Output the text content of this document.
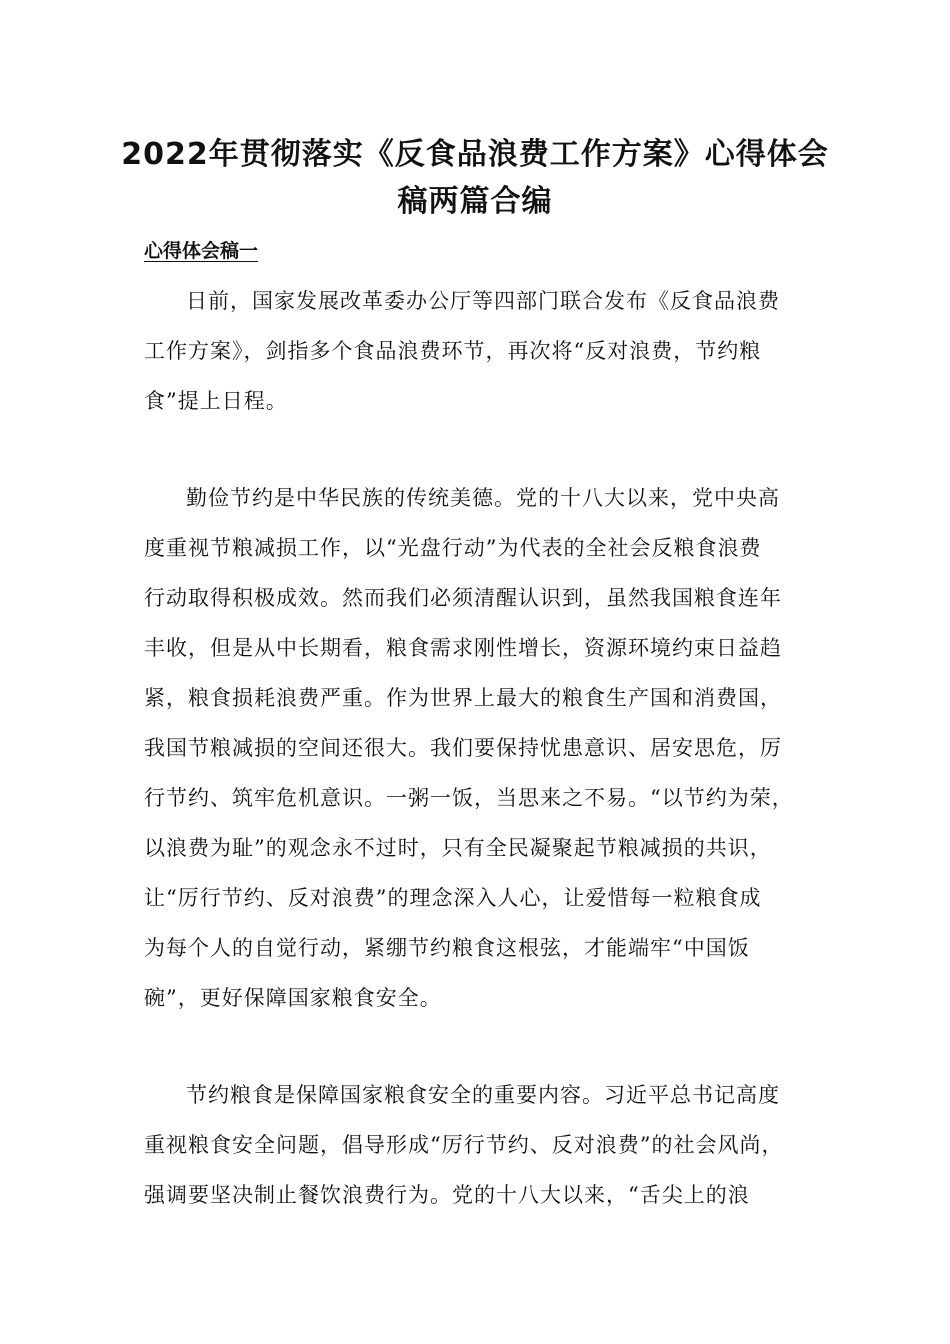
2022年贯彻落实《反食品浪费工作方案》心得体会
稿两篇合编
心得体会稿一
日前，国家发展改革委办公厅等四部门联合发布《反食品浪费
工作方案》，剑指多个食品浪费环节，再次将“反对浪费，节约粮
食”提上日程。
勤俭节约是中华民族的传统美德。党的十八大以来，党中央高
度重视节粮减损工作，以“光盘行动”为代表的全社会反粮食浪费
行动取得积极成效。然而我们必须清醒认识到，虽然我国粮食连年
丰收，但是从中长期看，粮食需求刚性增长，资源环境约束日益趋
紧，粮食损耗浪费严重。作为世界上最大的粮食生产国和消费国，
我国节粮减损的空间还很大。我们要保持忧患意识、居安思危，厉
行节约、筑牢危机意识。一粥一饭，当思来之不易。“以节约为荣，
以浪费为耻”的观念永不过时，只有全民凝聚起节粮减损的共识，
让“厉行节约、反对浪费”的理念深入人心，让爱惜每一粒粮食成
为每个人的自觉行动，紧绷节约粮食这根弦，才能端牢“中国饭
碗”，更好保障国家粮食安全。
节约粮食是保障国家粮食安全的重要内容。习近平总书记高度
重视粮食安全问题，倡导形成“厉行节约、反对浪费”的社会风尚，
强调要坚决制止餐饮浪费行为。党的十八大以来，“舌尖上的浪
